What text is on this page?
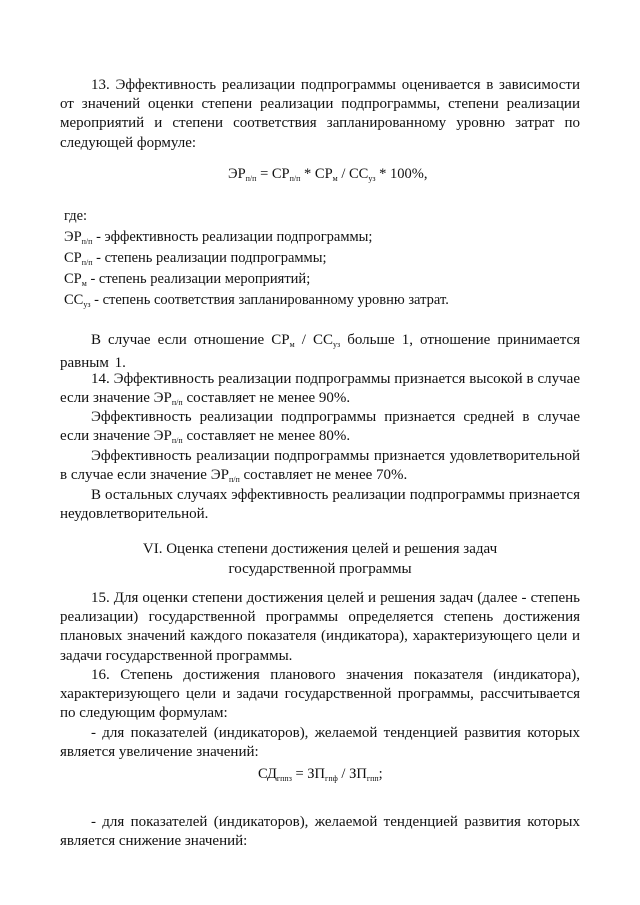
13. Эффективность реализации подпрограммы оценивается в зависимости от значений оценки степени реализации подпрограммы, степени реализации мероприятий и степени соответствия запланированному уровню затрат по следующей формуле:

$ЭР_{п/п} = СР_{п/п} * СР_м / СС_{уз} * 100\%$,

где:

$ЭР_{п/п}$ - эффективность реализации подпрограммы;

$СР_{п/п}$ - степень реализации подпрограммы;

$СР_м$ - степень реализации мероприятий;

$СС_{уз}$ - степень соответствия запланированному уровню затрат.

В случае если отношение $СР_м / СС_{уз}$ больше 1, отношение принимается равным 1.

14. Эффективность реализации подпрограммы признается высокой в случае если значение $ЭР_{п/п}$ составляет не менее 90%.

Эффективность реализации подпрограммы признается средней в случае если значение $ЭР_{п/п}$ составляет не менее 80%.

Эффективность реализации подпрограммы признается удовлетворительной в случае если значение $ЭР_{п/п}$ составляет не менее 70%.

В остальных случаях эффективность реализации подпрограммы признается неудовлетворительной.

VI. Оценка степени достижения целей и решения задач
государственной программы

15. Для оценки степени достижения целей и решения задач (далее - степень реализации) государственной программы определяется степень достижения плановых значений каждого показателя (индикатора), характеризующего цели и задачи государственной программы.

16. Степень достижения планового значения показателя (индикатора), характеризующего цели и задачи государственной программы, рассчитывается по следующим формулам:

- для показателей (индикаторов), желаемой тенденцией развития которых является увеличение значений:

$СД_{гппз} = ЗП_{гпф} / ЗП_{гпп}$;

- для показателей (индикаторов), желаемой тенденцией развития которых является снижение значений:
